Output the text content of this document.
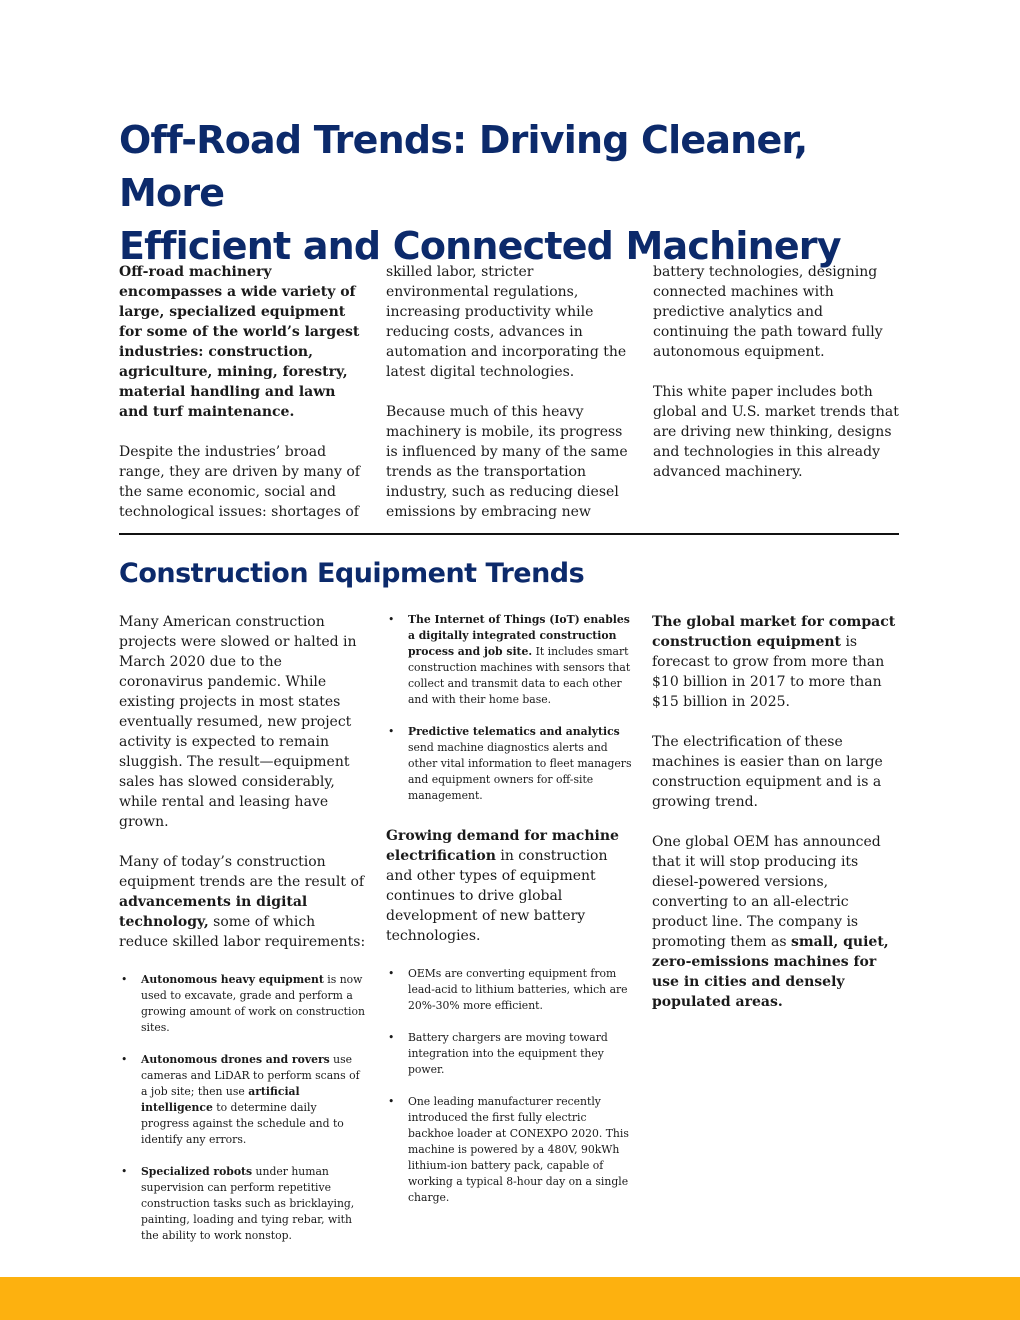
Off-Road Trends: Driving Cleaner, More
Efficient and Connected Machinery

Off-road machinery encompasses a wide variety of large, specialized equipment for some of the world’s largest industries: construction, agriculture, mining, forestry, material handling and lawn and turf maintenance.

Despite the industries’ broad range, they are driven by many of the same economic, social and technological issues: shortages of

skilled labor, stricter environmental regulations, increasing productivity while reducing costs, advances in automation and incorporating the latest digital technologies.

Because much of this heavy machinery is mobile, its progress is influenced by many of the same trends as the transportation industry, such as reducing diesel emissions by embracing new

battery technologies, designing connected machines with predictive analytics and continuing the path toward fully autonomous equipment.

This white paper includes both global and U.S. market trends that are driving new thinking, designs and technologies in this already advanced machinery.

Construction Equipment Trends

Many American construction projects were slowed or halted in March 2020 due to the coronavirus pandemic. While existing projects in most states eventually resumed, new project activity is expected to remain sluggish. The result—equipment sales has slowed considerably, while rental and leasing have grown.

Many of today’s construction equipment trends are the result of advancements in digital technology, some of which reduce skilled labor requirements:

• Autonomous heavy equipment is now used to excavate, grade and perform a growing amount of work on construction sites.
• Autonomous drones and rovers use cameras and LiDAR to perform scans of a job site; then use artificial intelligence to determine daily progress against the schedule and to identify any errors.
• Specialized robots under human supervision can perform repetitive construction tasks such as bricklaying, painting, loading and tying rebar, with the ability to work nonstop.
• The Internet of Things (IoT) enables a digitally integrated construction process and job site. It includes smart construction machines with sensors that collect and transmit data to each other and with their home base.
• Predictive telematics and analytics send machine diagnostics alerts and other vital information to fleet managers and equipment owners for off-site management.

Growing demand for machine electrification in construction and other types of equipment continues to drive global development of new battery technologies.

• OEMs are converting equipment from lead-acid to lithium batteries, which are 20%-30% more efficient.
• Battery chargers are moving toward integration into the equipment they power.
• One leading manufacturer recently introduced the first fully electric backhoe loader at CONEXPO 2020. This machine is powered by a 480V, 90kWh lithium-ion battery pack, capable of working a typical 8-hour day on a single charge.

The global market for compact construction equipment is forecast to grow from more than $10 billion in 2017 to more than $15 billion in 2025.

The electrification of these machines is easier than on large construction equipment and is a growing trend.

One global OEM has announced that it will stop producing its diesel-powered versions, converting to an all-electric product line. The company is promoting them as small, quiet, zero-emissions machines for use in cities and densely populated areas.
